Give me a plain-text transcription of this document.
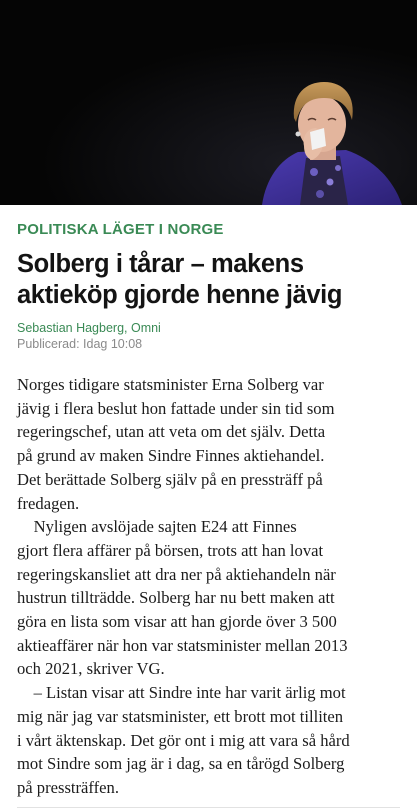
POLITISKA LÄGET I NORGE
Solberg i tårar – makens
aktieköp gjorde henne jävig
Sebastian Hagberg, Omni
Publicerad: Idag 10:08
Norges tidigare statsminister Erna Solberg var
jävig i flera beslut hon fattade under sin tid som
regeringschef, utan att veta om det själv. Detta
på grund av maken Sindre Finnes aktiehandel.
Det berättade Solberg själv på en pressträff på
fredagen.
Nyligen avslöjade sajten E24 att Finnes
gjort flera affärer på börsen, trots att han lovat
regeringskansliet att dra ner på aktiehandeln när
hustrun tillträdde. Solberg har nu bett maken att
göra en lista som visar att han gjorde över 3 500
aktieaffärer när hon var statsminister mellan 2013
och 2021, skriver VG.
– Listan visar att Sindre inte har varit ärlig mot
mig när jag var statsminister, ett brott mot tilliten
i vårt äktenskap. Det gör ont i mig att vara så hård
mot Sindre som jag är i dag, sa en tårögd Solberg
på pressträffen.
